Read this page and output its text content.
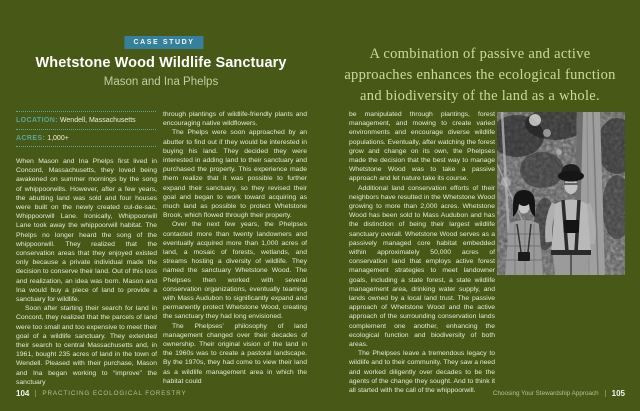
CASE STUDY
Whetstone Wood Wildlife Sanctuary
Mason and Ina Phelps
LOCATION: Wendell, Massachusetts
ACRES: 1,000+

When Mason and Ina Phelps first lived in Concord, Massachusetts, they loved being awakened on summer mornings by the song of whippoorwills. However, after a few years, the abutting land was sold and four houses were built on the newly created cul-de-sac, Whippoorwill Lane. Ironically, Whippoorwill Lane took away the whippoorwill habitat. The Phelps no longer heard the song of the whippoorwill. They realized that the conservation areas that they enjoyed existed only because a private individual made the decision to conserve their land. Out of this loss and realization, an idea was born. Mason and Ina would buy a piece of land to provide a sanctuary for wildlife.

Soon after starting their search for land in Concord, they realized that the parcels of land were too small and too expensive to meet their goal of a wildlife sanctuary. They extended their search to central Massachusetts and, in 1961, bought 235 acres of land in the town of Wendell. Pleased with their purchase, Mason and Ina began working to “improve” the sanctuary

through plantings of wildlife-friendly plants and encouraging native wildflowers.

The Phelps were soon approached by an abutter to find out if they would be interested in buying his land. They decided they were interested in adding land to their sanctuary and purchased the property. This experience made them realize that it was possible to further expand their sanctuary, so they revised their goal and began to work toward acquiring as much land as possible to protect Whetstone Brook, which flowed through their property.

Over the next few years, the Phelpses contacted more than twenty landowners and eventually acquired more than 1,000 acres of land, a mosaic of forests, wetlands, and streams hosting a diversity of wildlife. They named the sanctuary Whetstone Wood. The Phelpses then worked with several conservation organizations, eventually teaming with Mass Audubon to significantly expand and permanently protect Whetstone Wood, creating the sanctuary they had long envisioned.

The Phelpses’ philosophy of land management changed over their decades of ownership. Their original vision of the land in the 1960s was to create a pastoral landscape. By the 1970s, they had come to view their land as a wildlife management area in which the habitat could

A combination of passive and active
approaches enhances the ecological function
and biodiversity of the land as a whole.

be manipulated through plantings, forest management, and mowing to create varied environments and encourage diverse wildlife populations. Eventually, after watching the forest grow and change on its own, the Phelpses made the decision that the best way to manage Whetstone Wood was to take a passive approach and let nature take its course.

Additional land conservation efforts of their neighbors have resulted in the Whetstone Wood growing to more than 2,000 acres. Whetstone Wood has been sold to Mass Audubon and has the distinction of being their largest wildlife sanctuary overall. Whetstone Wood serves as a passively managed core habitat embedded within approximately 50,000 acres of conservation land that employs active forest management strategies to meet landowner goals, including a state forest, a state wildlife management area, drinking water supply, and lands owned by a local land trust. The passive approach of Whetstone Wood and the active approach of the surrounding conservation lands complement one another, enhancing the ecological function and biodiversity of both areas.

The Phelpses leave a tremendous legacy to wildlife and to their community. They saw a need and worked diligently over decades to be the agents of the change they sought. And to think it all started with the call of the whippoorwill.

104 PRACTICING ECOLOGICAL FORESTRY	Choosing Your Stewardship Approach 105
